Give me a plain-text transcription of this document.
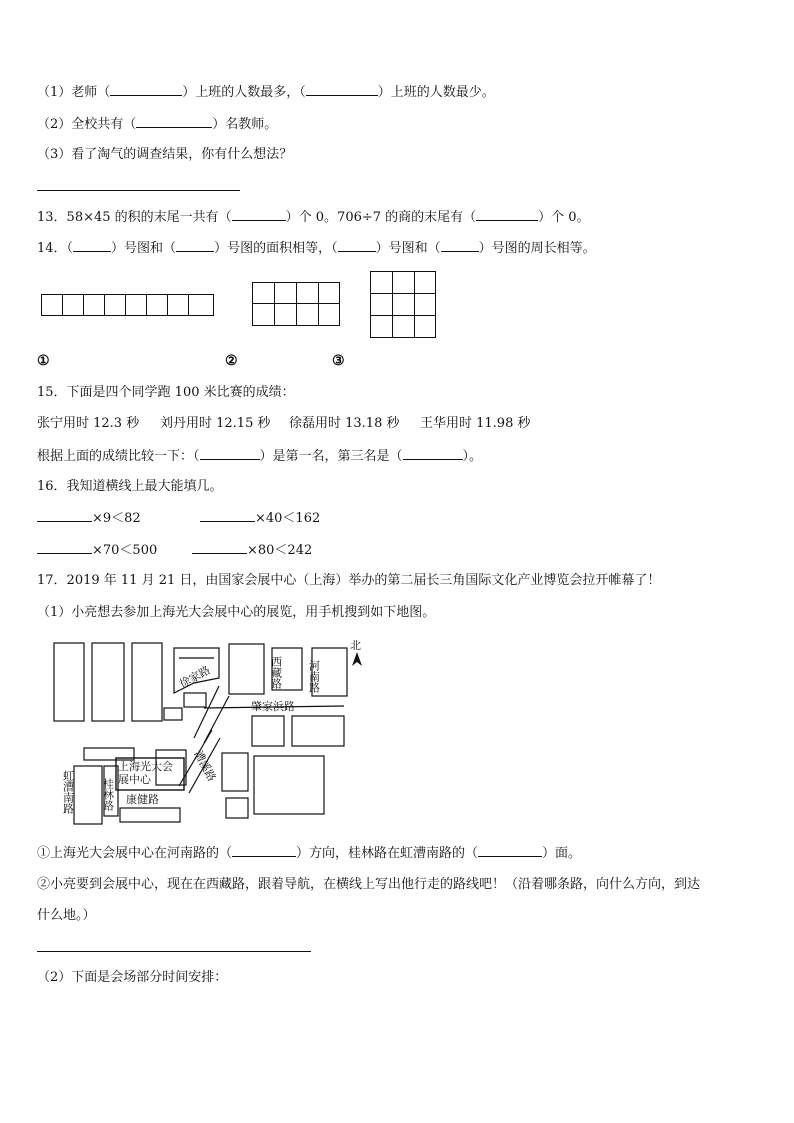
（1）老师（	）上班的人数最多，（	）上班的人数最少。
（2）全校共有（	）名教师。
（3）看了淘气的调查结果，你有什么想法？
13．58×45 的积的末尾一共有（	）个 0。706÷7 的商的末尾有（	）个 0。
14．（	）号图和（	）号图的面积相等，（	）号图和（	）号图的周长相等。
①	②	③
15．下面是四个同学跑 100 米比赛的成绩：
张宁用时 12.3 秒 刘丹用时 12.15 秒 徐磊用时 13.18 秒 王华用时 11.98 秒
根据上面的成绩比较一下：（	）是第一名，第三名是（	）。
16．我知道横线上最大能填几。
×9＜82	×40＜162
×70＜500	×80＜242
17．2019 年 11 月 21 日，由国家会展中心（上海）举办的第二届长三角国际文化产业博览会拉开帷幕了！
（1）小亮想去参加上海光大会展中心的展览，用手机搜到如下地图。
北
河南路
西藏路
徐家路
肇家浜路
漕溪路
虹漕南路 桂林路 康健路
上海光大会展中心
①上海光大会展中心在河南路的（	）方向，桂林路在虹漕南路的（	）面。
②小亮要到会展中心，现在在西藏路，跟着导航，在横线上写出他行走的路线吧！（沿着哪条路，向什么方向，到达
什么地。）
（2）下面是会场部分时间安排：
